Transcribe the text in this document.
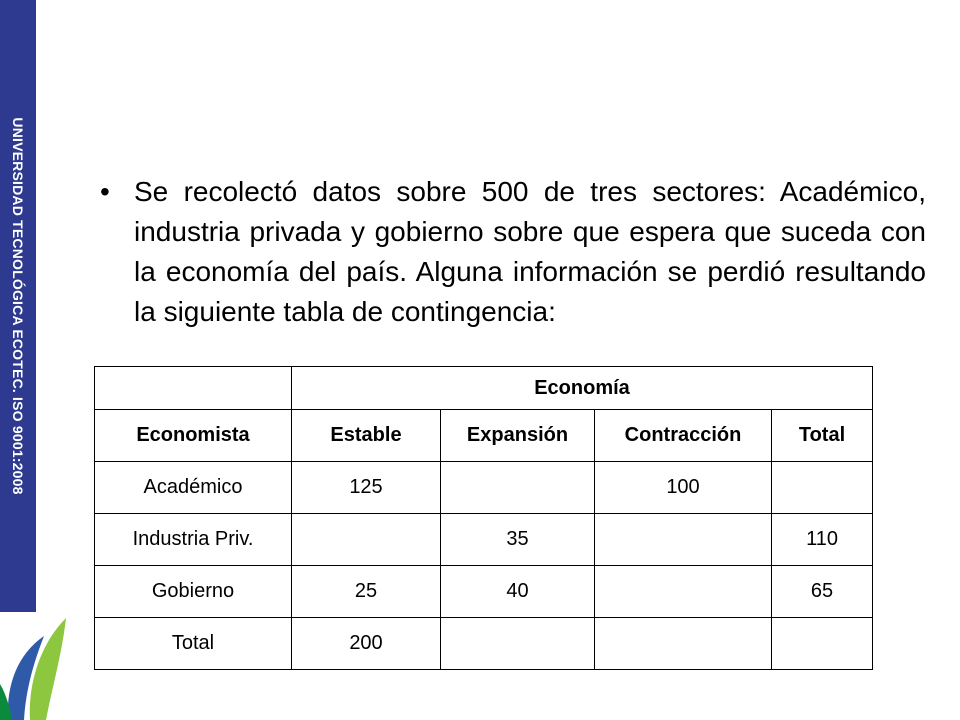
UNIVERSIDAD TECNOLÓGICA ECOTEC. ISO 9001:2008	• Se recolectó datos sobre 500 de tres sectores: Académico, industria privada y gobierno sobre que espera que suceda con la economía del país. Alguna información se perdió resultando la siguiente tabla de contingencia:
	Economía			
Economista	Estable	Expansión	Contracción	Total
Académico	125		100	
Industria Priv.		35		110
Gobierno	25	40		65
Total	200			
